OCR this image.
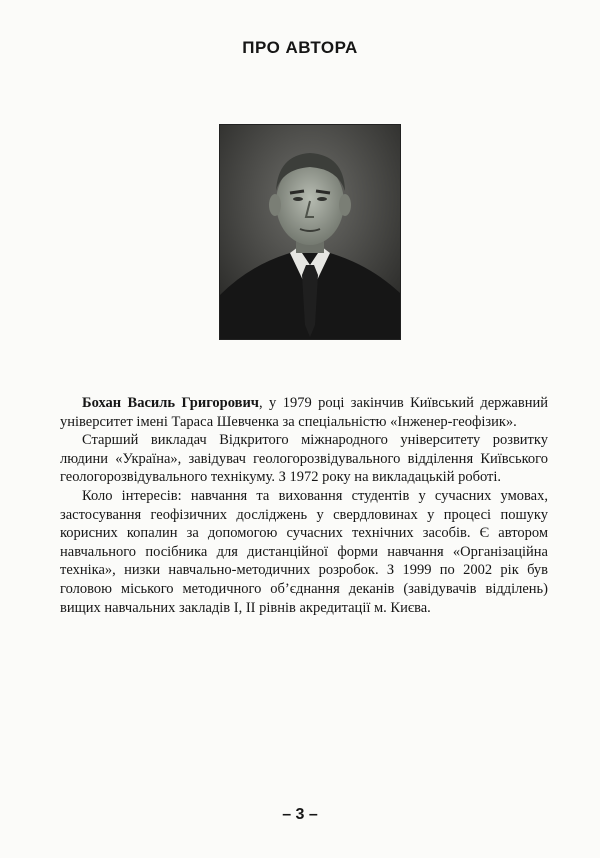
ПРО АВТОРА

Бохан Василь Григорович, у 1979 році закінчив Київський державний університет імені Тараса Шевченка за спеціальністю «Інженер-геофізик».

Старший викладач Відкритого міжнародного університету розвитку людини «Україна», завідувач геологорозвідувального відділення Київського геологорозвідувального технікуму. З 1972 року на викладацькій роботі.

Коло інтересів: навчання та виховання студентів у сучасних умовах, застосування геофізичних досліджень у свердловинах у процесі пошуку корисних копалин за допомогою сучасних технічних засобів. Є автором навчального посібника для дистанційної форми навчання «Організаційна техніка», низки навчально-методичних розробок. З 1999 по 2002 рік був головою міського методичного об’єднання деканів (завідувачів відділень) вищих навчальних закладів I, II рівнів акредитації м. Києва.

– 3 –
